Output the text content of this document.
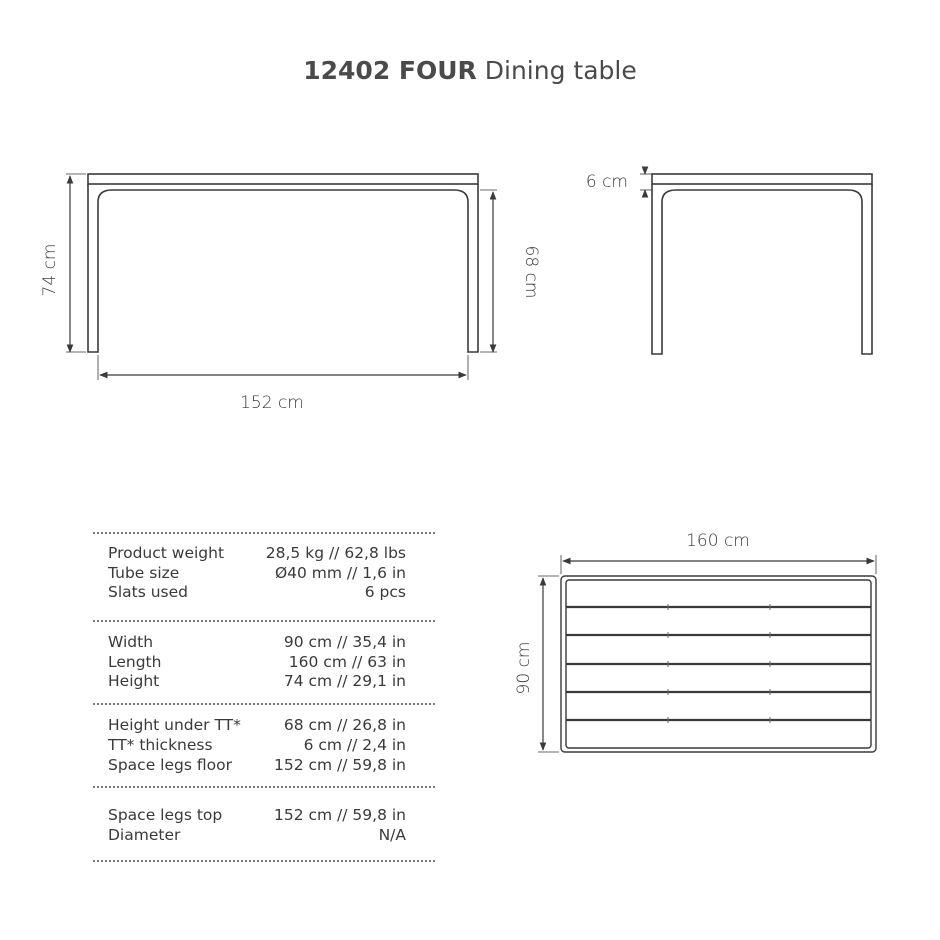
12402 FOUR Dining table
74 cm	68 cm
152 cm
6 cm
160 cm
90 cm
Product weight	28,5 kg // 62,8 lbs
Tube size	Ø40 mm // 1,6 in
Slats used	6 pcs
Width	90 cm // 35,4 in
Length	160 cm // 63 in
Height	74 cm // 29,1 in
Height under TT*	68 cm // 26,8 in
TT* thickness	6 cm // 2,4 in
Space legs floor	152 cm // 59,8 in
Space legs top	152 cm // 59,8 in
Diameter	N/A
